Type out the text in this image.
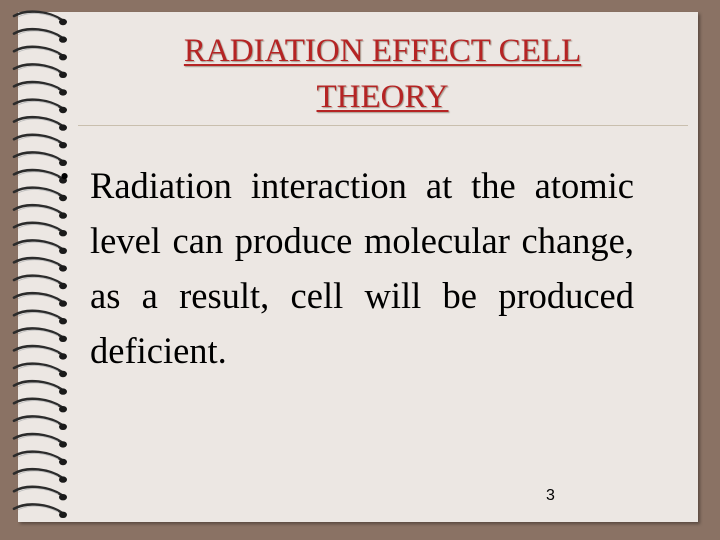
RADIATION EFFECT CELL
THEORY
• Radiation interaction at the atomic level can produce molecular change, as a result, cell will be produced deficient.

3
